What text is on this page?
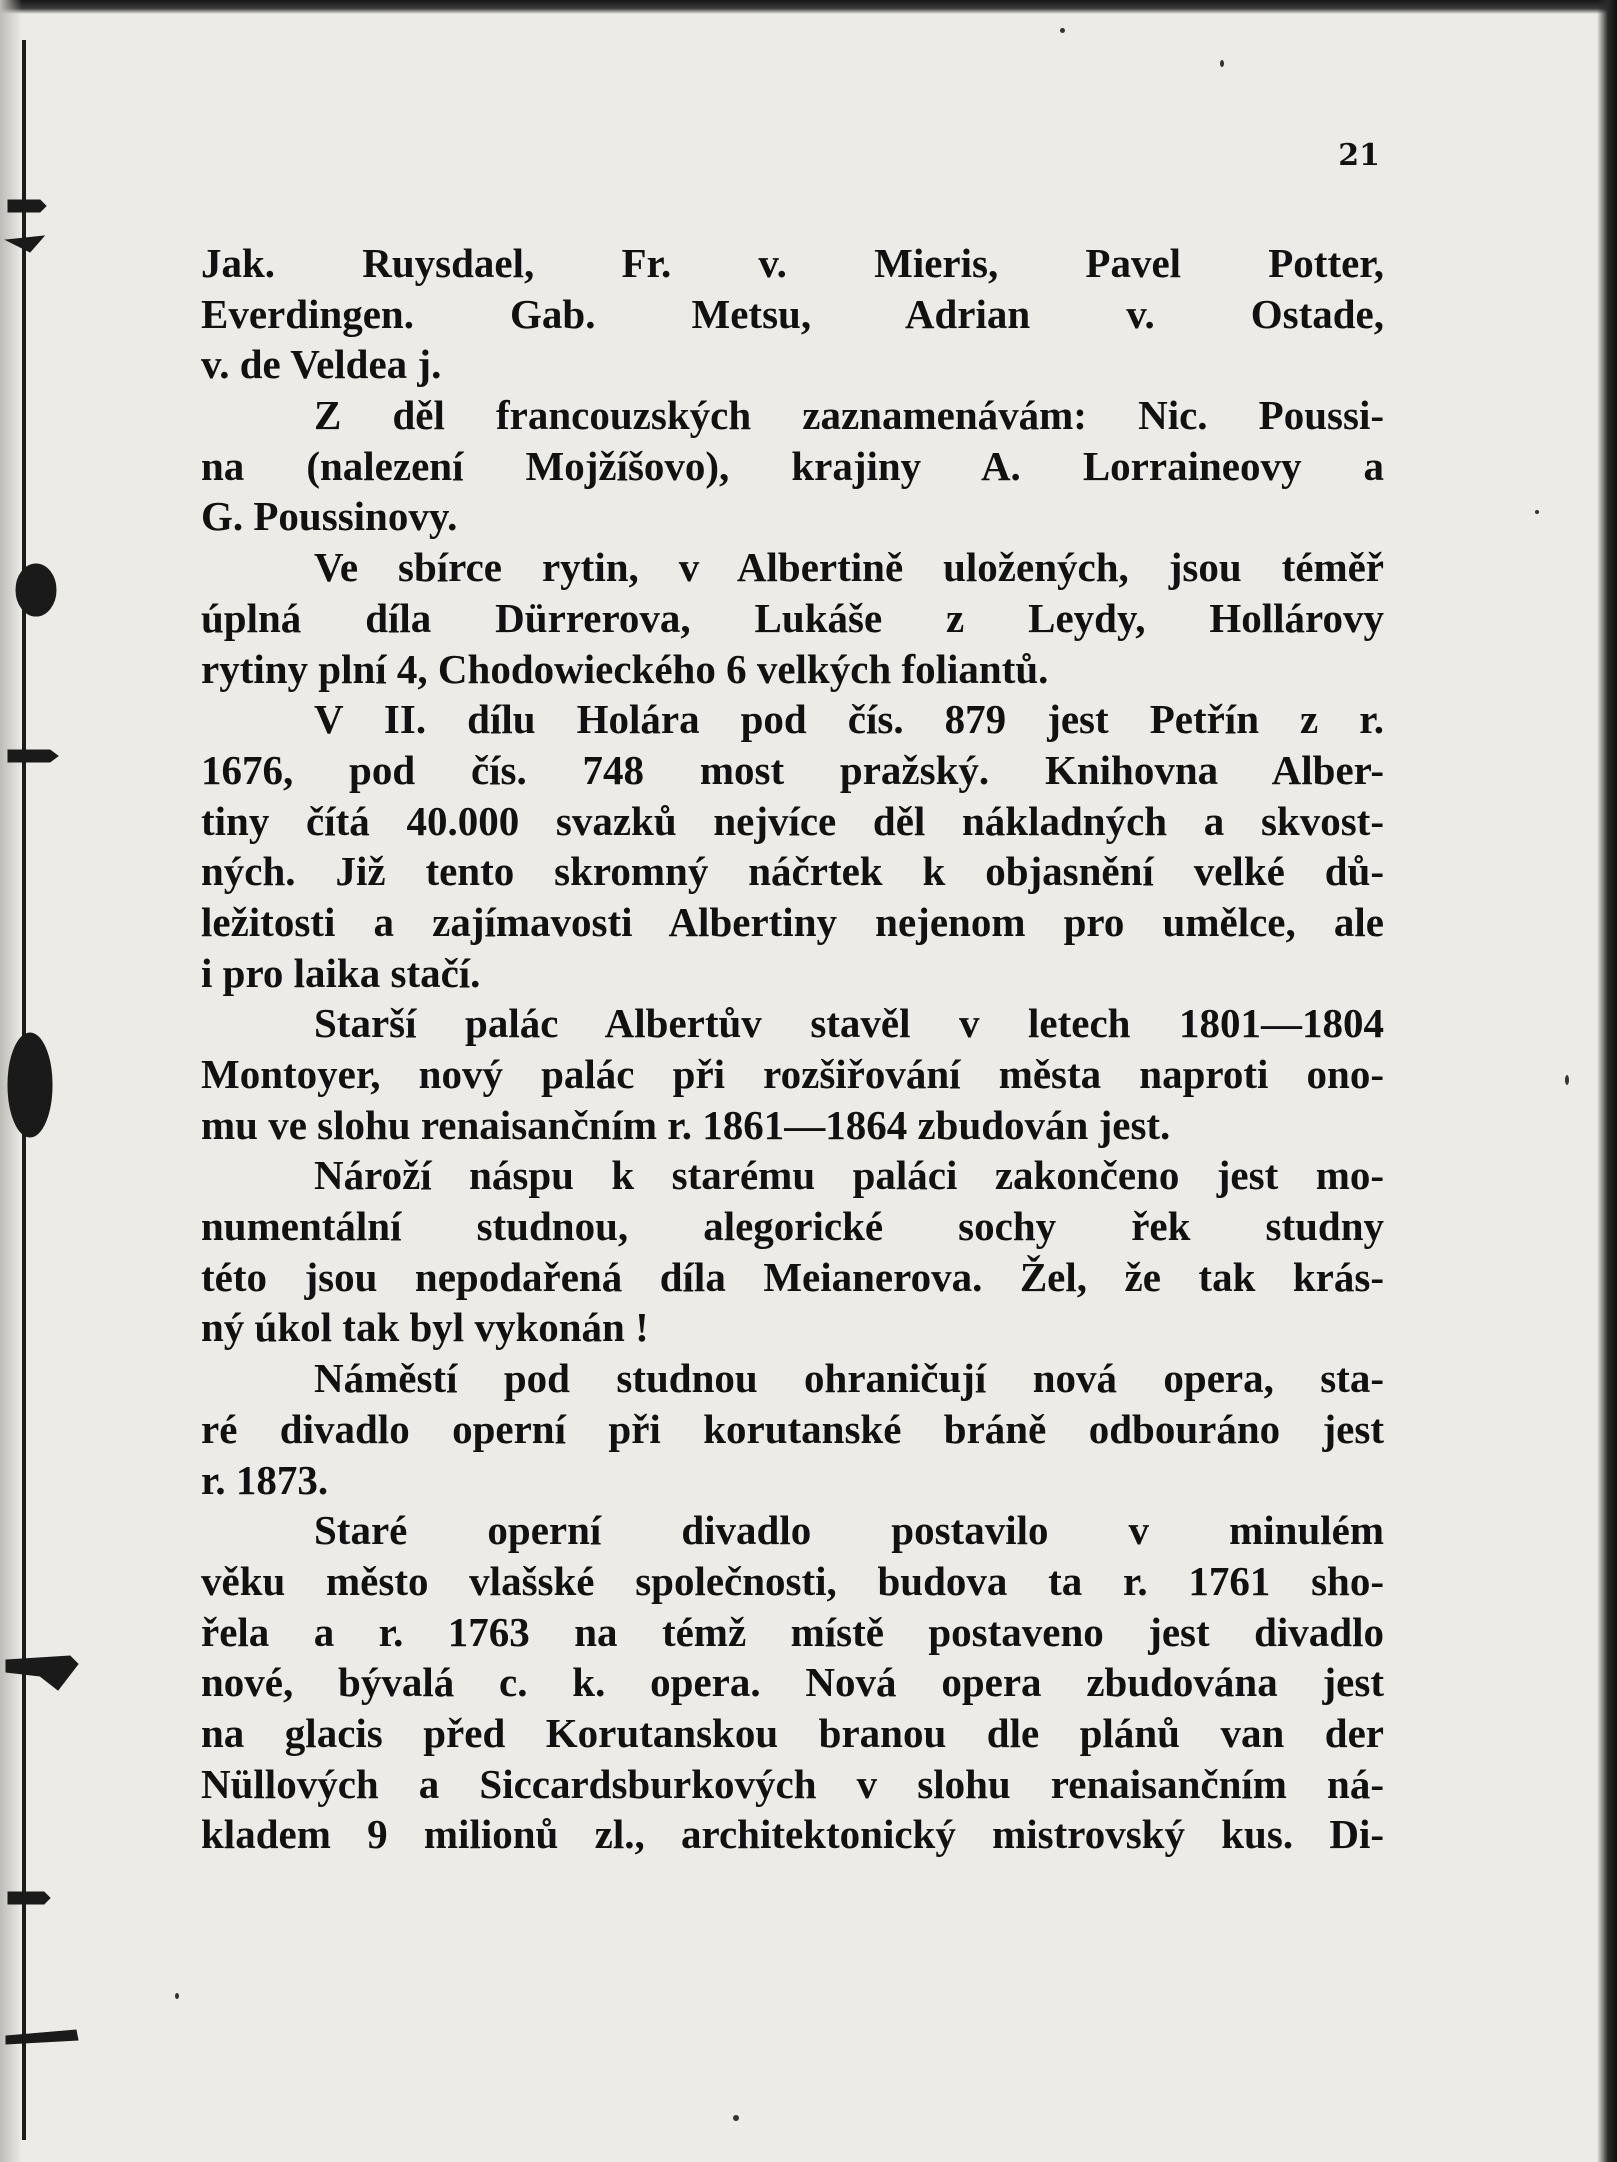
21
Jak. Ruysdael, Fr. v. Mieris, Pavel Potter,
Everdingen. Gab. Metsu, Adrian v. Ostade,
v. de Veldea j.
Z děl francouzských zaznamenávám: Nic. Poussi-
na (nalezení Mojžíšovo), krajiny A. Lorraineovy a
G. Poussinovy.
Ve sbírce rytin, v Albertině uložených, jsou téměř
úplná díla Dürrerova, Lukáše z Leydy, Hollárovy
rytiny plní 4, Chodowieckého 6 velkých foliantů.
V II. dílu Holára pod čís. 879 jest Petřín z r.
1676, pod čís. 748 most pražský. Knihovna Alber-
tiny čítá 40.000 svazků nejvíce děl nákladných a skvost-
ných. Již tento skromný náčrtek k objasnění velké dů-
ležitosti a zajímavosti Albertiny nejenom pro umělce, ale
i pro laika stačí.
Starší palác Albertův stavěl v letech 1801—1804
Montoyer, nový palác při rozšiřování města naproti ono-
mu ve slohu renaisančním r. 1861—1864 zbudován jest.
Nároží náspu k starému paláci zakončeno jest mo-
numentální studnou, alegorické sochy řek studny
této jsou nepodařená díla Meianerova. Žel, že tak krás-
ný úkol tak byl vykonán !
Náměstí pod studnou ohraničují nová opera, sta-
ré divadlo operní při korutanské bráně odbouráno jest
r. 1873.
Staré operní divadlo postavilo v minulém
věku město vlašské společnosti, budova ta r. 1761 sho-
řela a r. 1763 na témž místě postaveno jest divadlo
nové, bývalá c. k. opera. Nová opera zbudována jest
na glacis před Korutanskou branou dle plánů van der
Nüllových a Siccardsburkových v slohu renaisančním ná-
kladem 9 milionů zl., architektonický mistrovský kus. Di-
